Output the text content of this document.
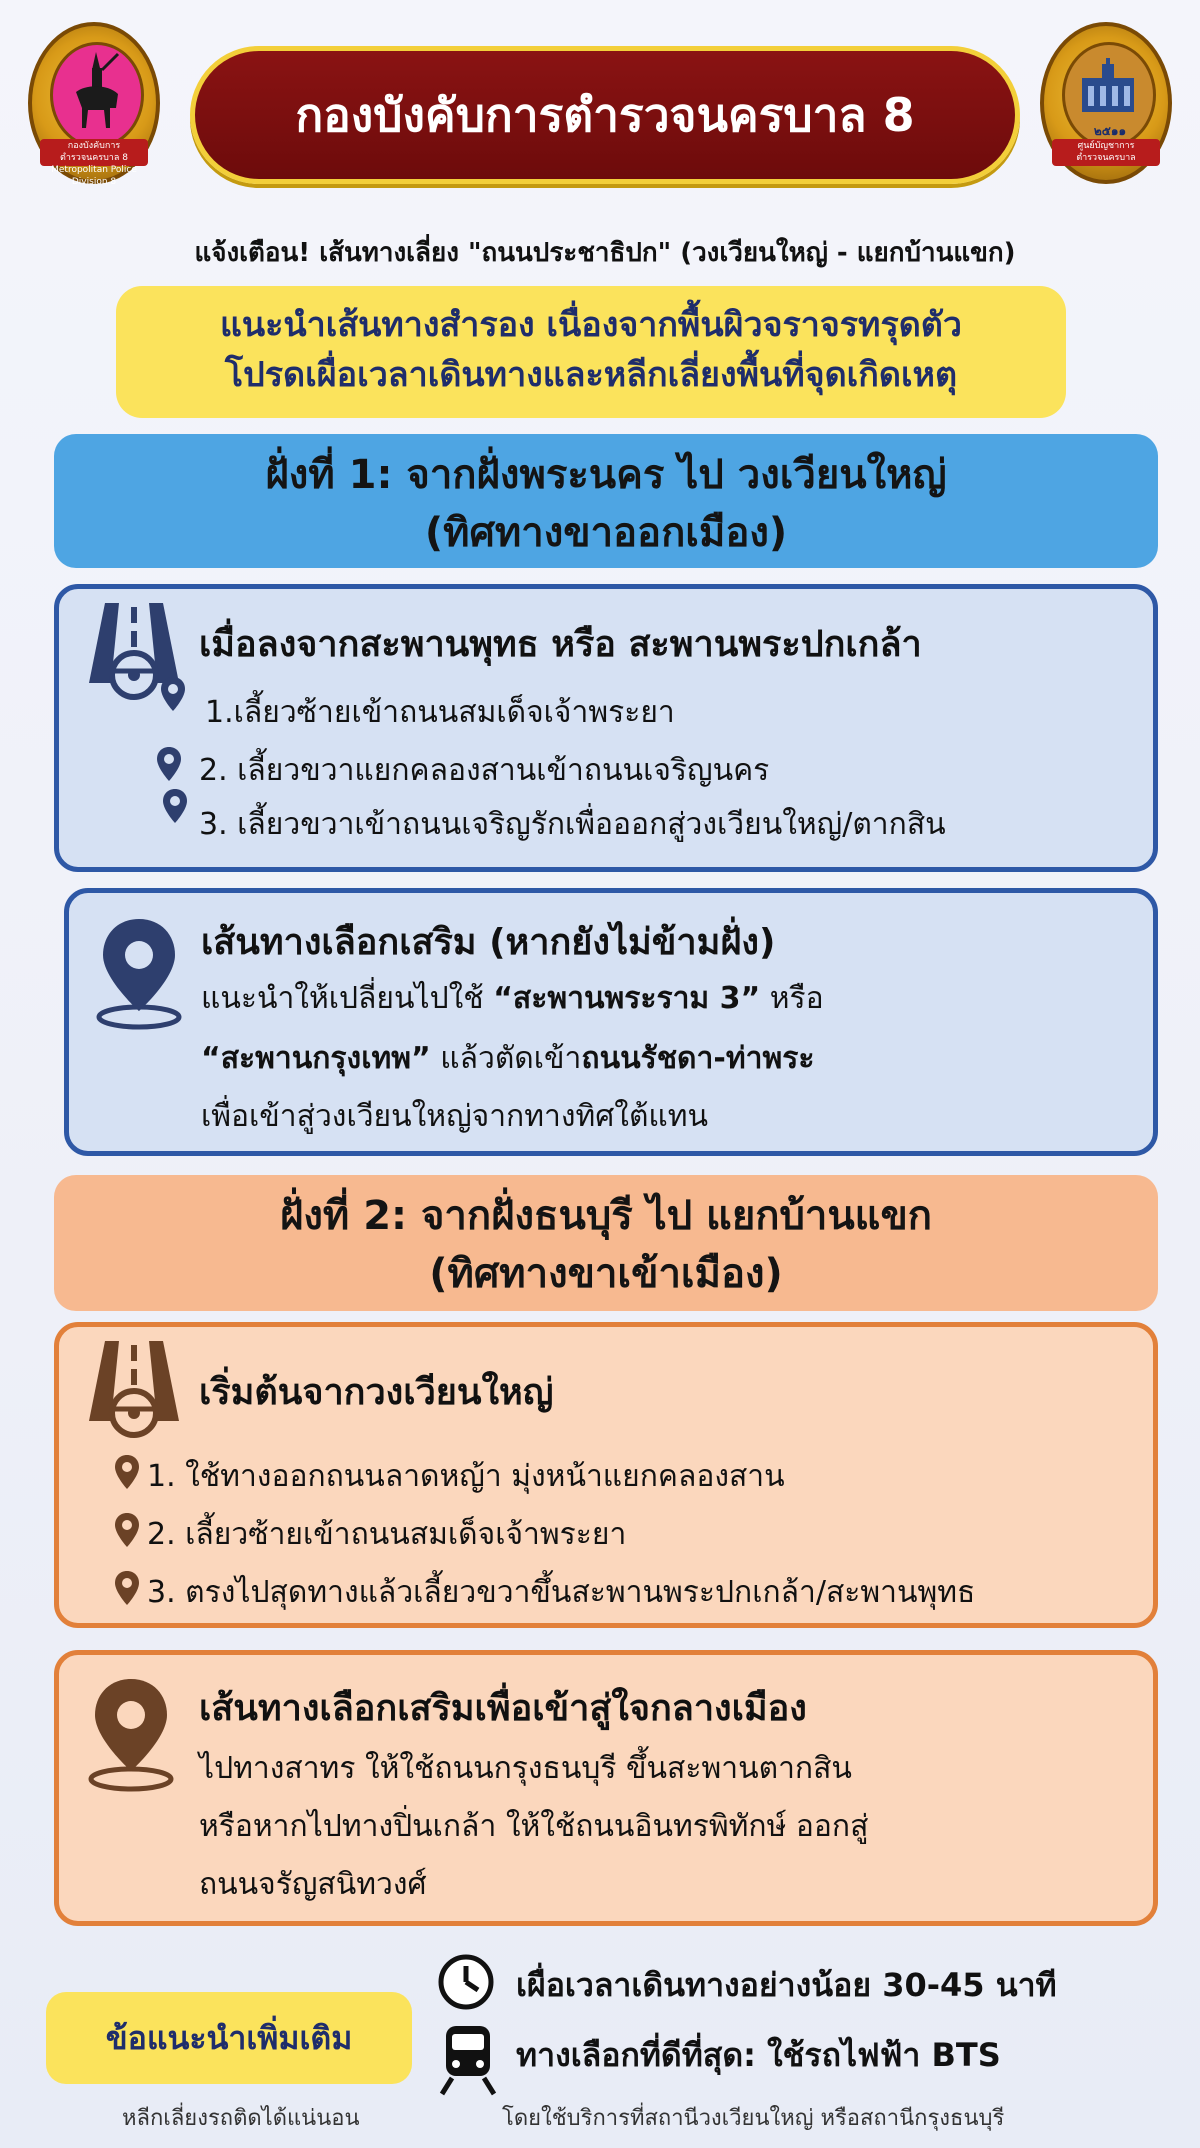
กองบังคับการตำรวจนครบาล 8 Metropolitan Police Division 8
๒๕๑๑
ศูนย์บัญชาการ ตำรวจนครบาล
กองบังคับการตำรวจนครบาล 8
แจ้งเตือน! เส้นทางเลี่ยง "ถนนประชาธิปก" (วงเวียนใหญ่ - แยกบ้านแขก)
แนะนำเส้นทางสำรอง เนื่องจากพื้นผิวจราจรทรุดตัว
โปรดเผื่อเวลาเดินทางและหลีกเลี่ยงพื้นที่จุดเกิดเหตุ
ฝั่งที่ 1: จากฝั่งพระนคร ไป วงเวียนใหญ่
(ทิศทางขาออกเมือง)
เมื่อลงจากสะพานพุทธ หรือ สะพานพระปกเกล้า
1.เลี้ยวซ้ายเข้าถนนสมเด็จเจ้าพระยา
2. เลี้ยวขวาแยกคลองสานเข้าถนนเจริญนคร
3. เลี้ยวขวาเข้าถนนเจริญรักเพื่อออกสู่วงเวียนใหญ่/ตากสิน
เส้นทางเลือกเสริม (หากยังไม่ข้ามฝั่ง)
แนะนำให้เปลี่ยนไปใช้ “สะพานพระราม 3” หรือ
“สะพานกรุงเทพ” แล้วตัดเข้าถนนรัชดา-ท่าพระ
เพื่อเข้าสู่วงเวียนใหญ่จากทางทิศใต้แทน
ฝั่งที่ 2: จากฝั่งธนบุรี ไป แยกบ้านแขก
(ทิศทางขาเข้าเมือง)
เริ่มต้นจากวงเวียนใหญ่
1. ใช้ทางออกถนนลาดหญ้า มุ่งหน้าแยกคลองสาน
2. เลี้ยวซ้ายเข้าถนนสมเด็จเจ้าพระยา
3. ตรงไปสุดทางแล้วเลี้ยวขวาขึ้นสะพานพระปกเกล้า/สะพานพุทธ
เส้นทางเลือกเสริมเพื่อเข้าสู่ใจกลางเมือง
ไปทางสาทร ให้ใช้ถนนกรุงธนบุรี ขึ้นสะพานตากสิน
หรือหากไปทางปิ่นเกล้า ให้ใช้ถนนอินทรพิทักษ์ ออกสู่
ถนนจรัญสนิทวงศ์
ข้อแนะนำเพิ่มเติม
เผื่อเวลาเดินทางอย่างน้อย 30-45 นาที
ทางเลือกที่ดีที่สุด: ใช้รถไฟฟ้า BTS
หลีกเลี่ยงรถติดได้แน่นอน	โดยใช้บริการที่สถานีวงเวียนใหญ่ หรือสถานีกรุงธนบุรี
